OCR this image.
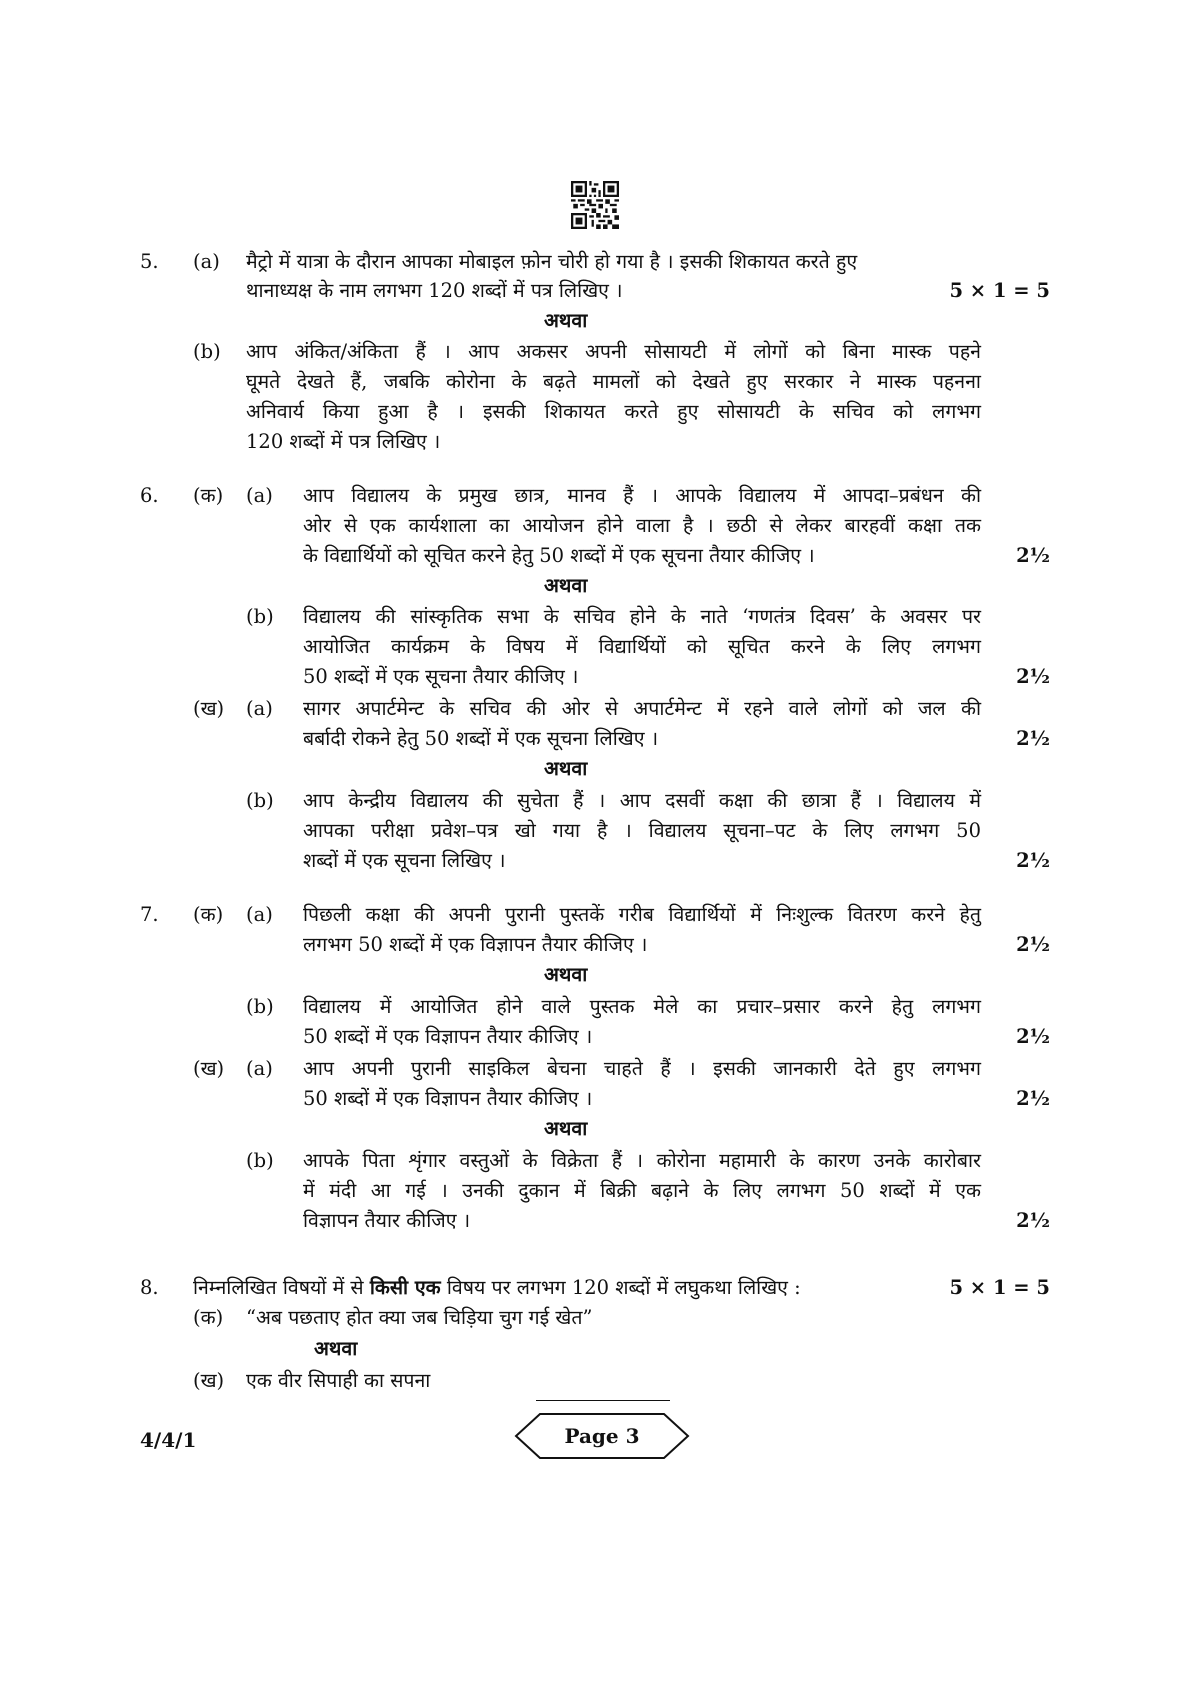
5. (a) मैट्रो में यात्रा के दौरान आपका मोबाइल फ़ोन चोरी हो गया है । इसकी शिकायत करते हुए
थानाध्यक्ष के नाम लगभग 120 शब्दों में पत्र लिखिए ।	5 × 1 = 5
अथवा
(b) आप अंकित/अंकिता हैं । आप अकसर अपनी सोसायटी में लोगों को बिना मास्क पहने
घूमते देखते हैं, जबकि कोरोना के बढ़ते मामलों को देखते हुए सरकार ने मास्क पहनना
अनिवार्य किया हुआ है । इसकी शिकायत करते हुए सोसायटी के सचिव को लगभग
120 शब्दों में पत्र लिखिए ।
6. (क) (a) आप विद्यालय के प्रमुख छात्र, मानव हैं । आपके विद्यालय में आपदा–प्रबंधन की
ओर से एक कार्यशाला का आयोजन होने वाला है । छठी से लेकर बारहवीं कक्षा तक
के विद्यार्थियों को सूचित करने हेतु 50 शब्दों में एक सूचना तैयार कीजिए ।	2½
अथवा
(b) विद्यालय की सांस्कृतिक सभा के सचिव होने के नाते ‘गणतंत्र दिवस’ के अवसर पर
आयोजित कार्यक्रम के विषय में विद्यार्थियों को सूचित करने के लिए लगभग
50 शब्दों में एक सूचना तैयार कीजिए ।	2½
(ख) (a) सागर अपार्टमेन्ट के सचिव की ओर से अपार्टमेन्ट में रहने वाले लोगों को जल की
बर्बादी रोकने हेतु 50 शब्दों में एक सूचना लिखिए ।	2½
अथवा
(b) आप केन्द्रीय विद्यालय की सुचेता हैं । आप दसवीं कक्षा की छात्रा हैं । विद्यालय में
आपका परीक्षा प्रवेश–पत्र खो गया है । विद्यालय सूचना–पट के लिए लगभग 50
शब्दों में एक सूचना लिखिए ।	2½
7. (क) (a) पिछली कक्षा की अपनी पुरानी पुस्तकें गरीब विद्यार्थियों में निःशुल्क वितरण करने हेतु
लगभग 50 शब्दों में एक विज्ञापन तैयार कीजिए ।	2½
अथवा
(b) विद्यालय में आयोजित होने वाले पुस्तक मेले का प्रचार–प्रसार करने हेतु लगभग
50 शब्दों में एक विज्ञापन तैयार कीजिए ।	2½
(ख) (a) आप अपनी पुरानी साइकिल बेचना चाहते हैं । इसकी जानकारी देते हुए लगभग
50 शब्दों में एक विज्ञापन तैयार कीजिए ।	2½
अथवा
(b) आपके पिता शृंगार वस्तुओं के विक्रेता हैं । कोरोना महामारी के कारण उनके कारोबार
में मंदी आ गई । उनकी दुकान में बिक्री बढ़ाने के लिए लगभग 50 शब्दों में एक
विज्ञापन तैयार कीजिए ।	2½
8. निम्नलिखित विषयों में से किसी एक विषय पर लगभग 120 शब्दों में लघुकथा लिखिए :	5 × 1 = 5
(क) “अब पछताए होत क्या जब चिड़िया चुग गई खेत”
अथवा
(ख) एक वीर सिपाही का सपना
4/4/1	Page 3
